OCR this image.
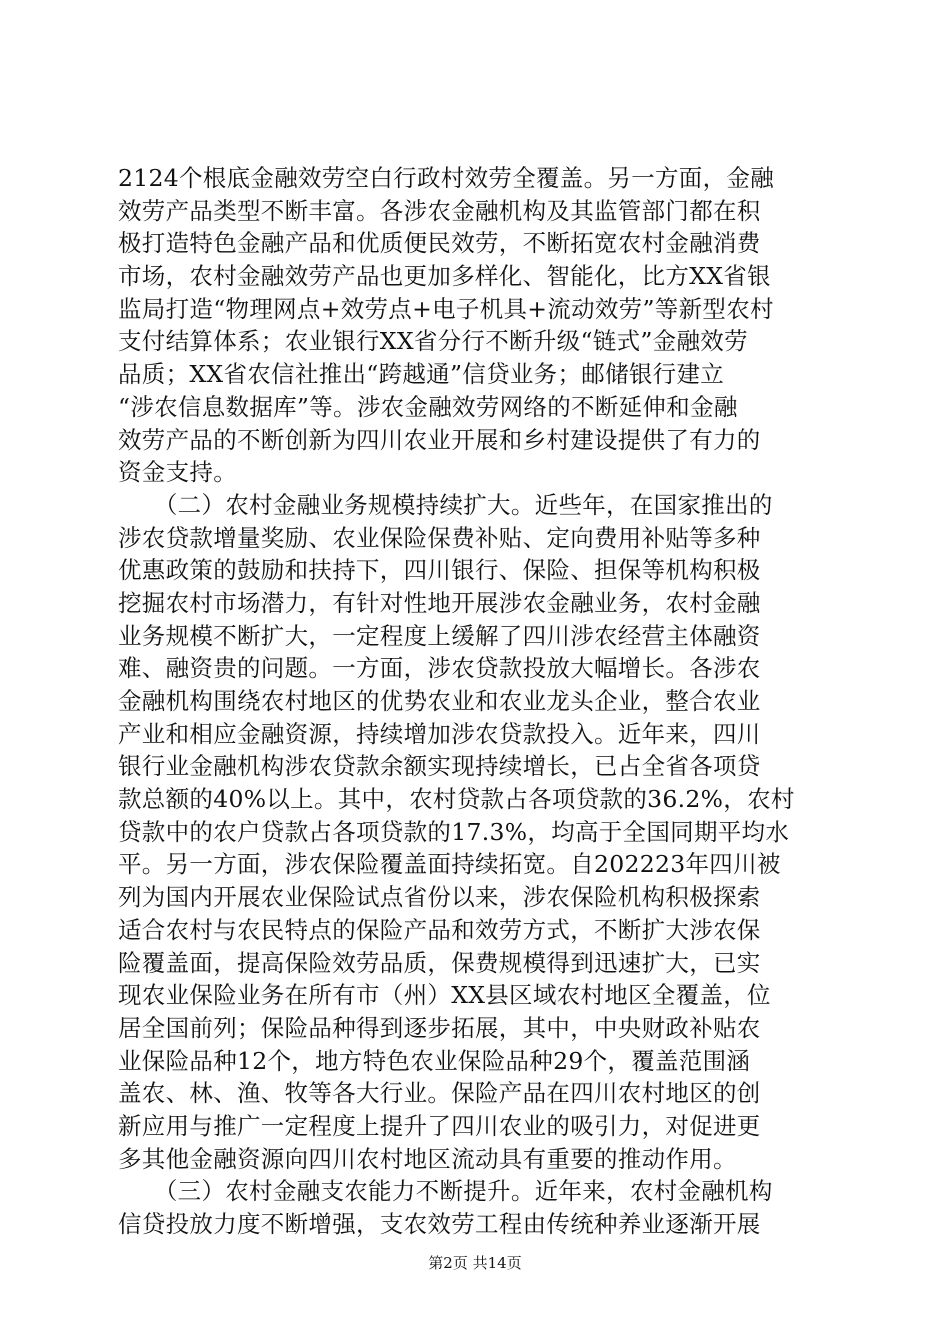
2124个根底金融效劳空白行政村效劳全覆盖。另一方面，金融
效劳产品类型不断丰富。各涉农金融机构及其监管部门都在积
极打造特色金融产品和优质便民效劳，不断拓宽农村金融消费
市场，农村金融效劳产品也更加多样化、智能化，比方XX省银
监局打造“物理网点+效劳点+电子机具+流动效劳”等新型农村
支付结算体系；农业银行XX省分行不断升级“链式”金融效劳
品质；XX省农信社推出“跨越通”信贷业务；邮储银行建立
“涉农信息数据库”等。涉农金融效劳网络的不断延伸和金融
效劳产品的不断创新为四川农业开展和乡村建设提供了有力的
资金支持。
　　（二）农村金融业务规模持续扩大。近些年，在国家推出的
涉农贷款增量奖励、农业保险保费补贴、定向费用补贴等多种
优惠政策的鼓励和扶持下，四川银行、保险、担保等机构积极
挖掘农村市场潜力，有针对性地开展涉农金融业务，农村金融
业务规模不断扩大，一定程度上缓解了四川涉农经营主体融资
难、融资贵的问题。一方面，涉农贷款投放大幅增长。各涉农
金融机构围绕农村地区的优势农业和农业龙头企业，整合农业
产业和相应金融资源，持续增加涉农贷款投入。近年来，四川
银行业金融机构涉农贷款余额实现持续增长，已占全省各项贷
款总额的40%以上。其中，农村贷款占各项贷款的36.2%，农村
贷款中的农户贷款占各项贷款的17.3%，均高于全国同期平均水
平。另一方面，涉农保险覆盖面持续拓宽。自202223年四川被
列为国内开展农业保险试点省份以来，涉农保险机构积极探索
适合农村与农民特点的保险产品和效劳方式，不断扩大涉农保
险覆盖面，提高保险效劳品质，保费规模得到迅速扩大，已实
现农业保险业务在所有市（州）XX县区域农村地区全覆盖，位
居全国前列；保险品种得到逐步拓展，其中，中央财政补贴农
业保险品种12个，地方特色农业保险品种29个，覆盖范围涵
盖农、林、渔、牧等各大行业。保险产品在四川农村地区的创
新应用与推广一定程度上提升了四川农业的吸引力，对促进更
多其他金融资源向四川农村地区流动具有重要的推动作用。
　　（三）农村金融支农能力不断提升。近年来，农村金融机构
信贷投放力度不断增强，支农效劳工程由传统种养业逐渐开展
第2页 共14页
